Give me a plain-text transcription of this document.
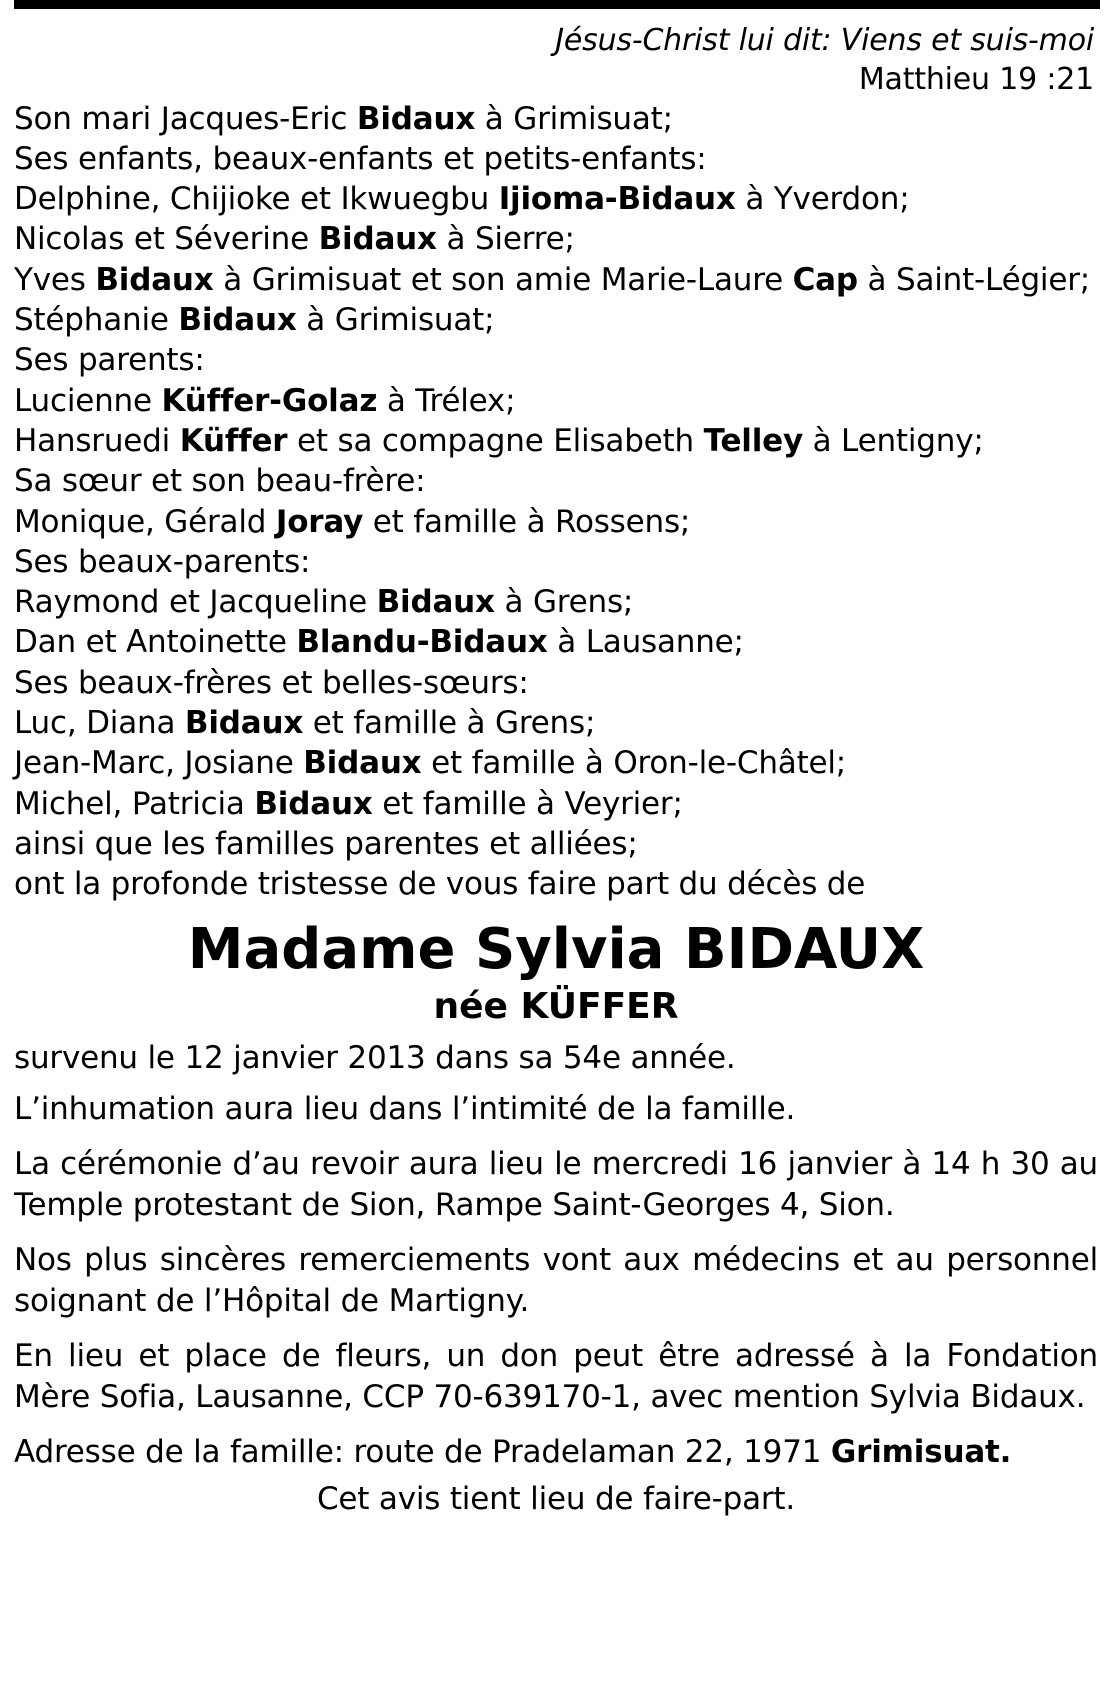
Jésus-Christ lui dit: Viens et suis-moi
Matthieu 19 :21

Son mari Jacques-Eric Bidaux à Grimisuat;

Ses enfants, beaux-enfants et petits-enfants:

Delphine, Chijioke et Ikwuegbu Ijioma-Bidaux à Yverdon;

Nicolas et Séverine Bidaux à Sierre;

Yves Bidaux à Grimisuat et son amie Marie-Laure Cap à Saint-Légier;

Stéphanie Bidaux à Grimisuat;

Ses parents:

Lucienne Küffer-Golaz à Trélex;

Hansruedi Küffer et sa compagne Elisabeth Telley à Lentigny;

Sa sœur et son beau-frère:

Monique, Gérald Joray et famille à Rossens;

Ses beaux-parents:

Raymond et Jacqueline Bidaux à Grens;

Dan et Antoinette Blandu-Bidaux à Lausanne;

Ses beaux-frères et belles-sœurs:

Luc, Diana Bidaux et famille à Grens;

Jean-Marc, Josiane Bidaux et famille à Oron-le-Châtel;

Michel, Patricia Bidaux et famille à Veyrier;

ainsi que les familles parentes et alliées;

ont la profonde tristesse de vous faire part du décès de

Madame Sylvia BIDAUX

née KÜFFER

survenu le 12 janvier 2013 dans sa 54e année.

L’inhumation aura lieu dans l’intimité de la famille.

La cérémonie d’au revoir aura lieu le mercredi 16 janvier à 14 h 30 au Temple protestant de Sion, Rampe Saint-Georges 4, Sion.

Nos plus sincères remerciements vont aux médecins et au personnel soignant de l’Hôpital de Martigny.

En lieu et place de fleurs, un don peut être adressé à la Fondation Mère Sofia, Lausanne, CCP 70-639170-1, avec mention Sylvia Bidaux.

Adresse de la famille: route de Pradelaman 22, 1971 Grimisuat.

Cet avis tient lieu de faire-part.
